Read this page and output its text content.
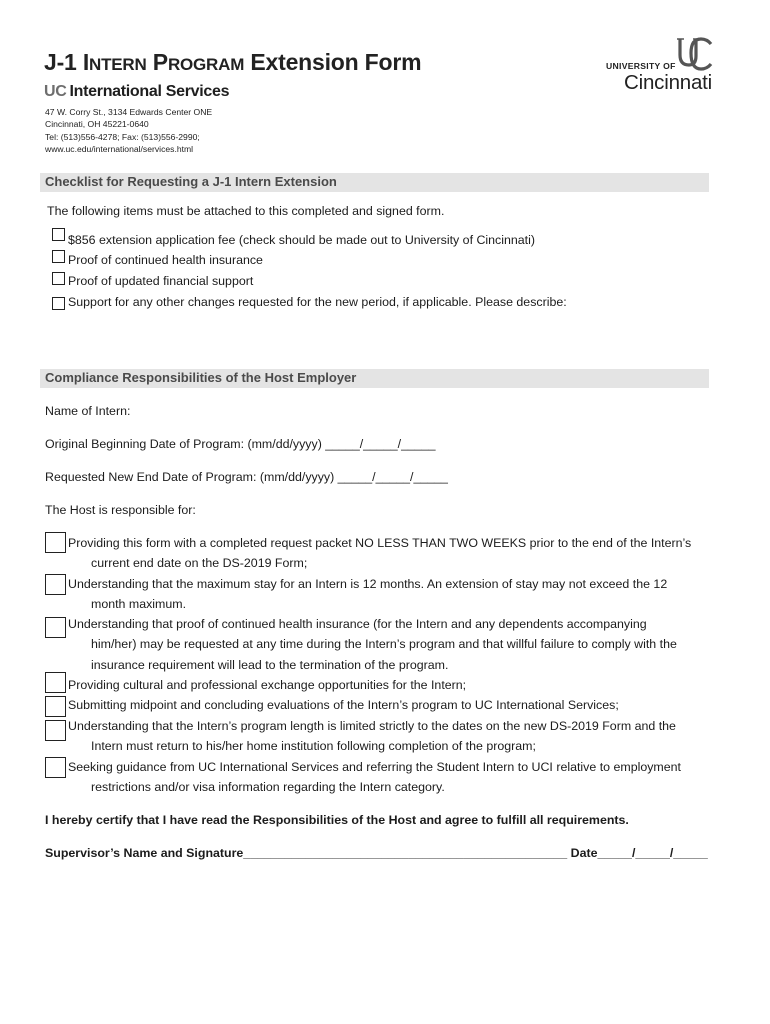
J-1 INTERN PROGRAM Extension Form
UC International Services
47 W. Corry St., 3134 Edwards Center ONE
Cincinnati, OH 45221-0640
Tel: (513)556-4278; Fax: (513)556-2990;
www.uc.edu/international/services.html
UNIVERSITY OF
Cincinnati
Checklist for Requesting a J-1 Intern Extension
The following items must be attached to this completed and signed form.
$856 extension application fee (check should be made out to University of Cincinnati)
Proof of continued health insurance
Proof of updated financial support
Support for any other changes requested for the new period, if applicable. Please describe:
Compliance Responsibilities of the Host Employer
Name of Intern:
Original Beginning Date of Program: (mm/dd/yyyy) _____/_____/_____
Requested New End Date of Program: (mm/dd/yyyy) _____/_____/_____
The Host is responsible for:
Providing this form with a completed request packet NO LESS THAN TWO WEEKS prior to the end of the Intern’s
current end date on the DS-2019 Form;
Understanding that the maximum stay for an Intern is 12 months. An extension of stay may not exceed the 12
month maximum.
Understanding that proof of continued health insurance (for the Intern and any dependents accompanying
him/her) may be requested at any time during the Intern’s program and that willful failure to comply with the
insurance requirement will lead to the termination of the program.
Providing cultural and professional exchange opportunities for the Intern;
Submitting midpoint and concluding evaluations of the Intern’s program to UC International Services;
Understanding that the Intern’s program length is limited strictly to the dates on the new DS-2019 Form and the
Intern must return to his/her home institution following completion of the program;
Seeking guidance from UC International Services and referring the Student Intern to UCI relative to employment
restrictions and/or visa information regarding the Intern category.
I hereby certify that I have read the Responsibilities of the Host and agree to fulfill all requirements.
Supervisor’s Name and Signature_______________________________________________ Date_____/_____/_____
